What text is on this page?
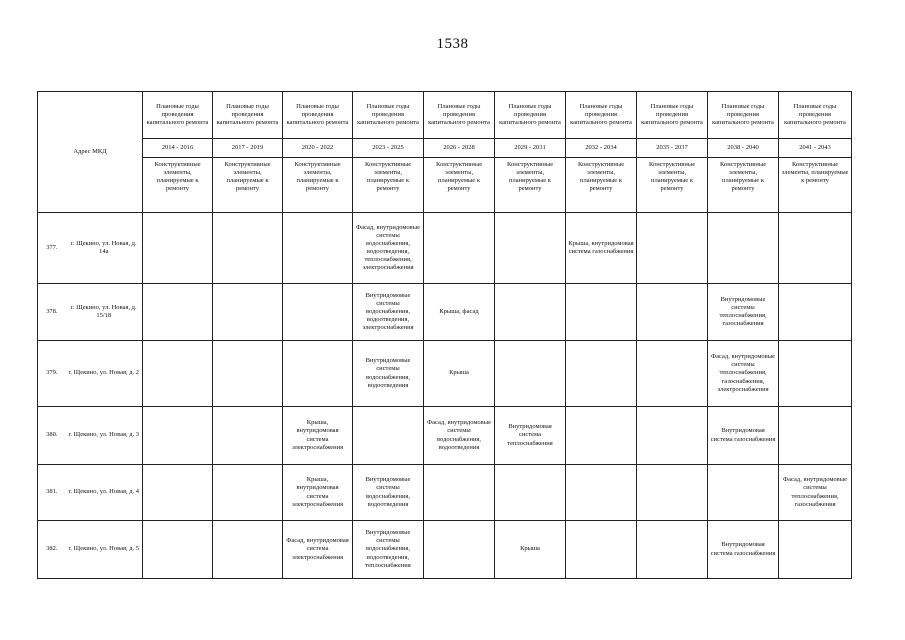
1538
Адрес МКД		Плановые годы проведения капитального ремонта	Плановые годы проведения капитального ремонта	Плановые годы проведения капитального ремонта	Плановые годы проведения капитального ремонта	Плановые годы проведения капитального ремонта	Плановые годы проведения капитального ремонта	Плановые годы проведения капитального ремонта	Плановые годы проведения капитального ремонта	Плановые годы проведения капитального ремонта	Плановые годы проведения капитального ремонта
		2014 - 2016	2017 - 2019	2020 - 2022	2023 - 2025	2026 - 2028	2029 - 2031	2032 - 2034	2035 - 2037	2038 - 2040	2041 - 2043
		Конструктивные элементы, планируемые к ремонту	Конструктивные элементы, планируемые к ремонту	Конструктивные элементы, планируемые к ремонту	Конструктивные элементы, планируемые к ремонту	Конструктивные элементы, планируемые к ремонту	Конструктивные элементы, планируемые к ремонту	Конструктивные элементы, планируемые к ремонту	Конструктивные элементы, планируемые к ремонту	Конструктивные элементы, планируемые к ремонту	Конструктивные элементы, планируемые к ремонту
377.	г. Щекино, ул. Новая, д. 14а				Фасад, внутридомовые системы водоснабжения, водоотведения, теплоснабжения, электроснабжения			Крыша, внутридомовая система газоснабжения			
378.	г. Щекино, ул. Новая, д. 15/18				Внутридомовые системы водоснабжения, водоотведения, электроснабжения	Крыша, фасад				Внутридомовые системы теплоснабжения, газоснабжения	
379.	г. Щекино, ул. Новая, д. 2				Внутридомовые системы водоснабжения, водоотведения	Крыша				Фасад, внутридомовые системы теплоснабжения, газоснабжения, электроснабжения	
380.	г. Щекино, ул. Новая, д. 3			Крыша, внутридомовая система электроснабжения		Фасад, внутридомовые системы водоснабжения, водоотведения	Внутридомовая система теплоснабжения			Внутридомовая система газоснабжения	
381.	г. Щекино, ул. Новая, д. 4			Крыша, внутридомовая система электроснабжения	Внутридомовые системы водоснабжения, водоотведения						Фасад, внутридомовые системы теплоснабжения, газоснабжения
382.	г. Щекино, ул. Новая, д. 5			Фасад, внутридомовая система электроснабжения	Внутридомовые системы водоснабжения, водоотведения, теплоснабжения		Крыша			Внутридомовая система газоснабжения	
